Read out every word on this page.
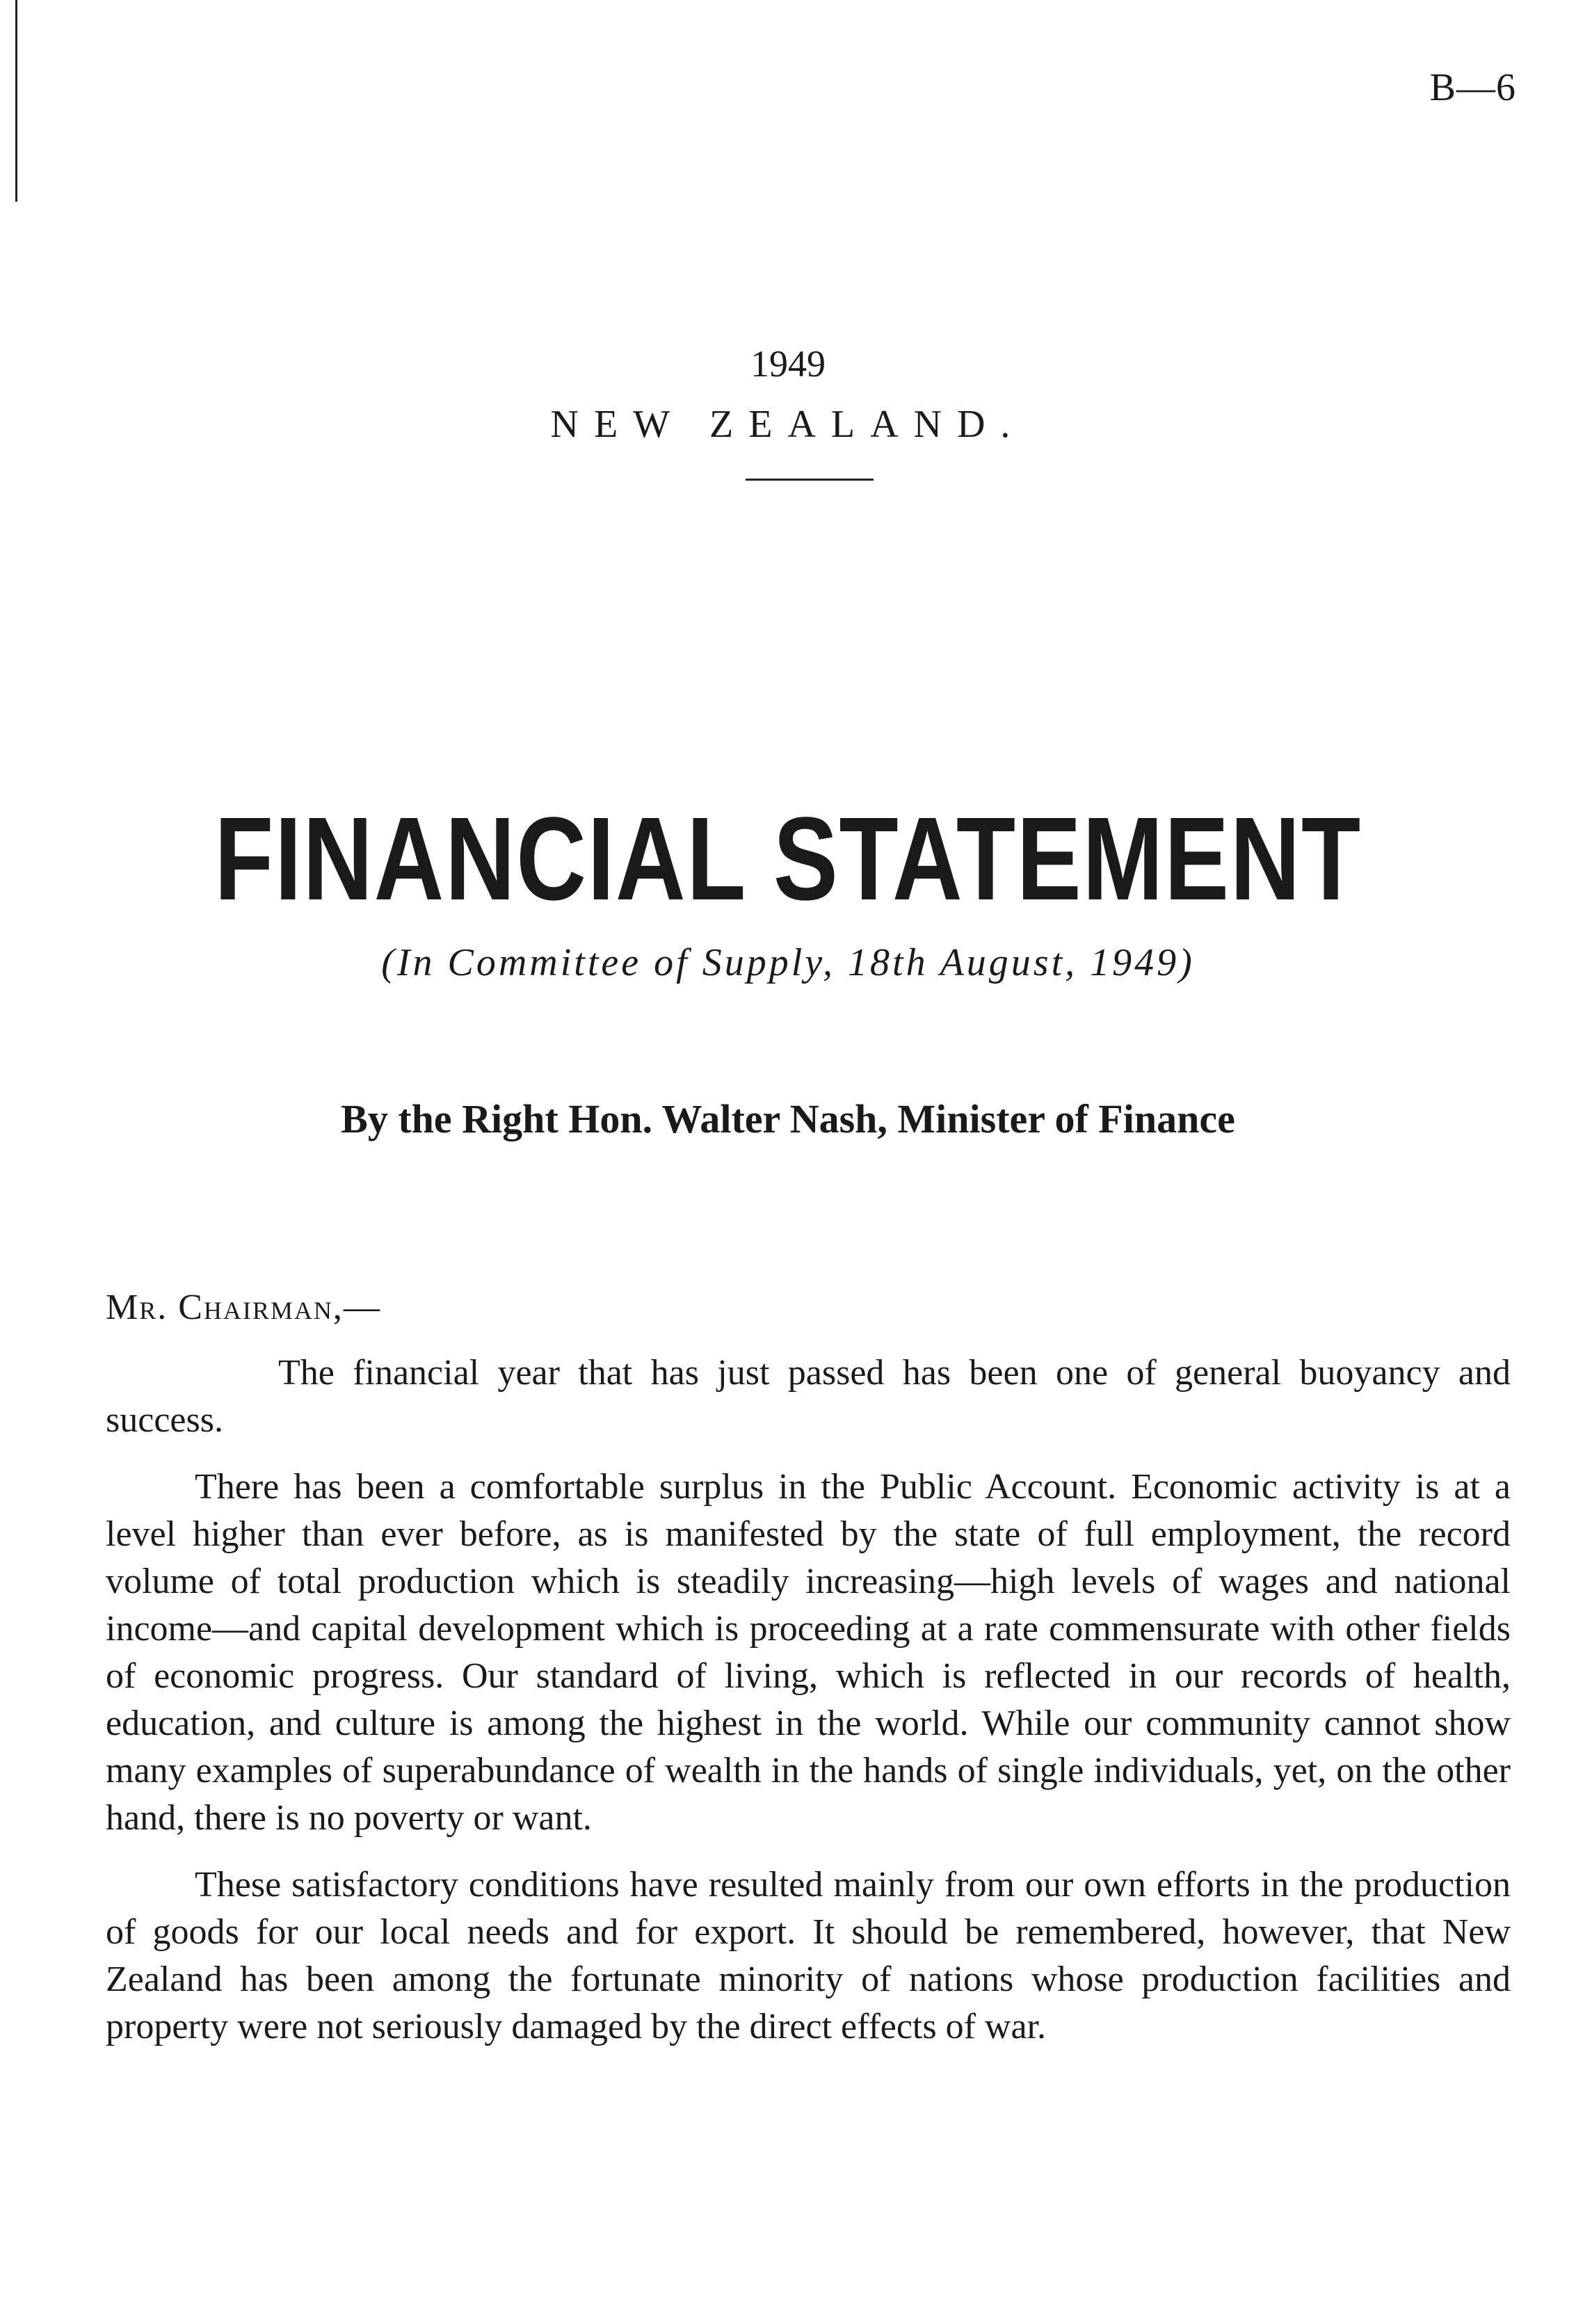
B—6
1949
NEW ZEALAND.
FINANCIAL STATEMENT
(In Committee of Supply, 18th August, 1949)
By the Right Hon. Walter Nash, Minister of Finance
Mr. Chairman,—

The financial year that has just passed has been one of general buoyancy and success.

There has been a comfortable surplus in the Public Account. Economic activity is at a level higher than ever before, as is manifested by the state of full employment, the record volume of total production which is steadily increasing—high levels of wages and national income—and capital development which is proceeding at a rate commensurate with other fields of economic progress. Our standard of living, which is reflected in our records of health, education, and culture is among the highest in the world. While our community cannot show many examples of superabundance of wealth in the hands of single individuals, yet, on the other hand, there is no poverty or want.

These satisfactory conditions have resulted mainly from our own efforts in the production of goods for our local needs and for export. It should be remembered, however, that New Zealand has been among the fortunate minority of nations whose production facilities and property were not seriously damaged by the direct effects of war.
